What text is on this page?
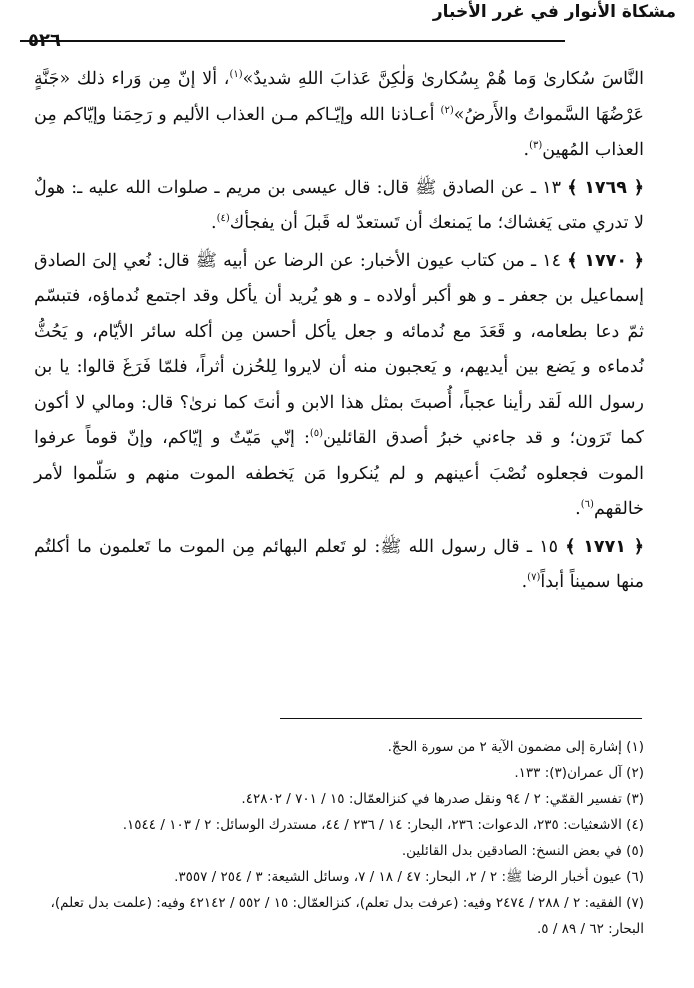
مشكاة الأنوار في غرر الأخبار
٥٢٦

النَّاسَ سُكارىٰ وَما هُمْ بِسُكارىٰ وَلٰكِنَّ عَذابَ اللهِ شديدٌ»$^{(١)}$، ألا إنّ مِن وَراء ذلك «جَنَّةٍ عَرْضُهَا السَّمواتُ والأَرضُ»$^{(٢)}$ أعـاذنا الله وإيّـاكم مـن العذاب الأليم و رَحِمَنا وإيّاكم مِن العذاب المُهين$^{(٣)}$.

﴿ ١٧٦٩ ﴾ ١٣ ـ عن الصادق ﷺ قال: قال عيسى بن مريم ـ صلوات الله عليه ـ: هولٌ لا تدري متى يَغشاك؛ ما يَمنعك أن تَستعدّ له قَبلَ أن يفجأك$^{(٤)}$.

﴿ ١٧٧٠ ﴾ ١٤ ـ من كتاب عيون الأخبار: عن الرضا عن أبيه ﷺ قال: نُعي إلىَ الصادق إسماعيل بن جعفر ـ و هو أكبر أولاده ـ و هو يُريد أن يأكل وقد اجتمع نُدماؤه، فتبسّم ثمّ دعا بطعامه، و قَعَدَ مع نُدمائه و جعل يأكل أحسن مِن أكله سائر الأيّام، و يَحُثُّ نُدماءه و يَضع بين أيديهم، و يَعجبون منه أن لايروا لِلحُزن أثراً، فلمّا فَرَغَ قالوا: يا بن رسول الله لَقد رأينا عجباً، أُصبتَ بمثل هذا الابن و أنتَ كما نرىٰ؟ قال: ومالي لا أكون كما تَرَون؛ و قد جاءني خبرُ أصدق القائلين$^{(٥)}$: إنّي مَيّتٌ و إيّاكم، وإنّ قوماً عرفوا الموت فجعلوه نُصْبَ أعينهم و لم يُنكروا مَن يَخطفه الموت منهم و سَلّموا لأمر خالقهم$^{(٦)}$.

﴿ ١٧٧١ ﴾ ١٥ ـ قال رسول الله ﷺ: لو تَعلم البهائم مِن الموت ما تَعلمون ما أكلتُم منها سميناً أبداً$^{(٧)}$.

(١) إشارة إلى مضمون الآية ٢ من سورة الحجّ.
(٢) آل عمران(٣): ١٣٣.
(٣) تفسير القمّي: ٢ / ٩٤ ونقل صدرها في كنزالعمّال: ١٥ / ٧٠١ / ٤٢٨٠٢.
(٤) الاشعثيات: ٢٣٥، الدعوات: ٢٣٦، البحار: ١٤ / ٢٣٦ / ٤٤، مستدرك الوسائل: ٢ / ١٠٣ / ١٥٤٤.
(٥) في بعض النسخ: الصادقين بدل القائلين.
(٦) عيون أخبار الرضا ﷺ: ٢ / ٢، البحار: ٤٧ / ١٨ / ٧، وسائل الشيعة: ٣ / ٢٥٤ / ٣٥٥٧.
(٧) الفقيه: ٢ / ٢٨٨ / ٢٤٧٤ وفيه: (عرفت بدل تعلم)، كنزالعمّال: ١٥ / ٥٥٢ / ٤٢١٤٢ وفيه: (علمت بدل تعلم)، البحار: ٦٢ / ٨٩ / ٥.
